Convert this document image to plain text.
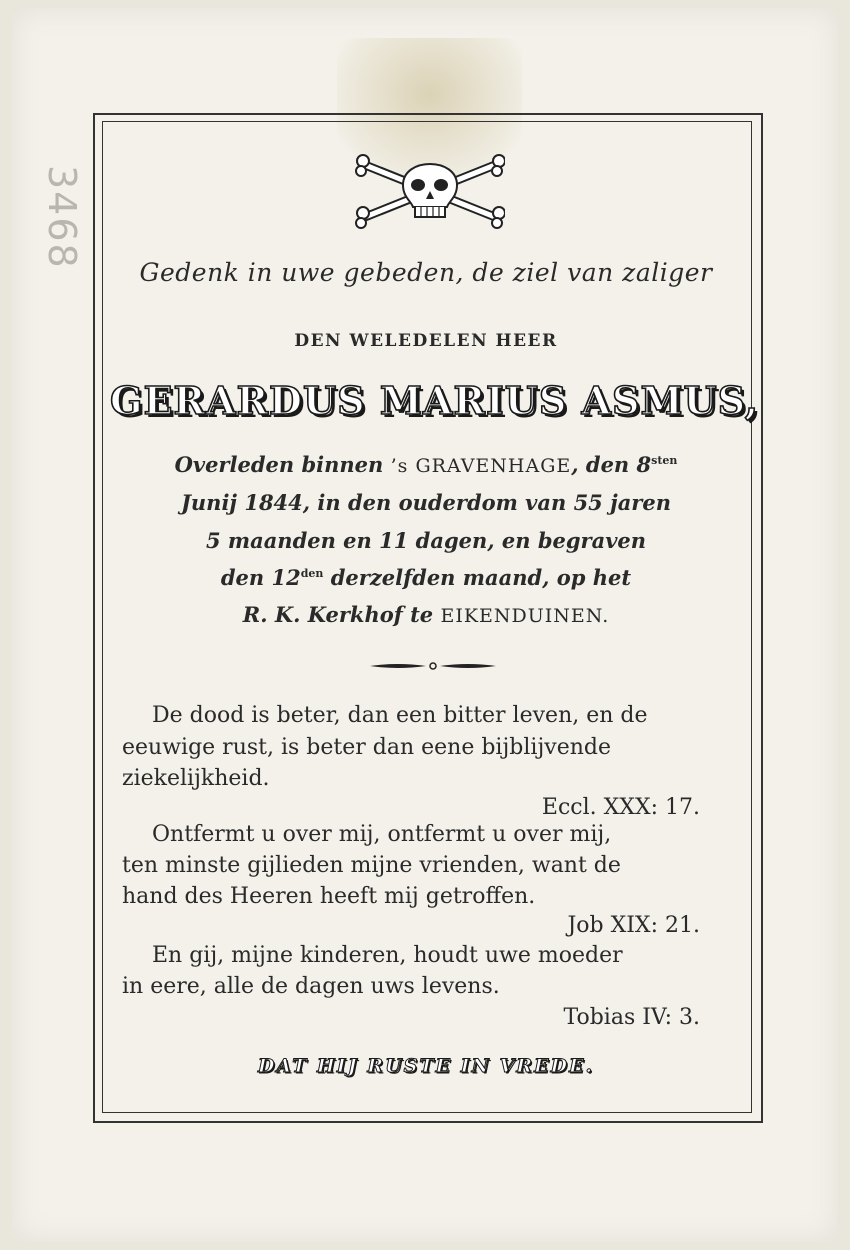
3468
Gedenk in uwe gebeden, de ziel van zaliger
DEN WELEDELEN HEER
GERARDUS MARIUS ASMUS,
Overleden binnen ’s GRAVENHAGE, den $8^{sten}$
Junij 1844, in den ouderdom van 55 jaren
5 maanden en 11 dagen, en begraven
den $12^{den}$ derzelfden maand, op het
R. K. Kerkhof te EIKENDUINEN.
De dood is beter, dan een bitter leven, en de
eeuwige rust, is beter dan eene bijblijvende
ziekelijkheid.
Eccl. XXX: 17.
Ontfermt u over mij, ontfermt u over mij,
ten minste gijlieden mijne vrienden, want de
hand des Heeren heeft mij getroffen.
Job XIX: 21.
En gij, mijne kinderen, houdt uwe moeder
in eere, alle de dagen uws levens.
Tobias IV: 3.
DAT HIJ RUSTE IN VREDE.
